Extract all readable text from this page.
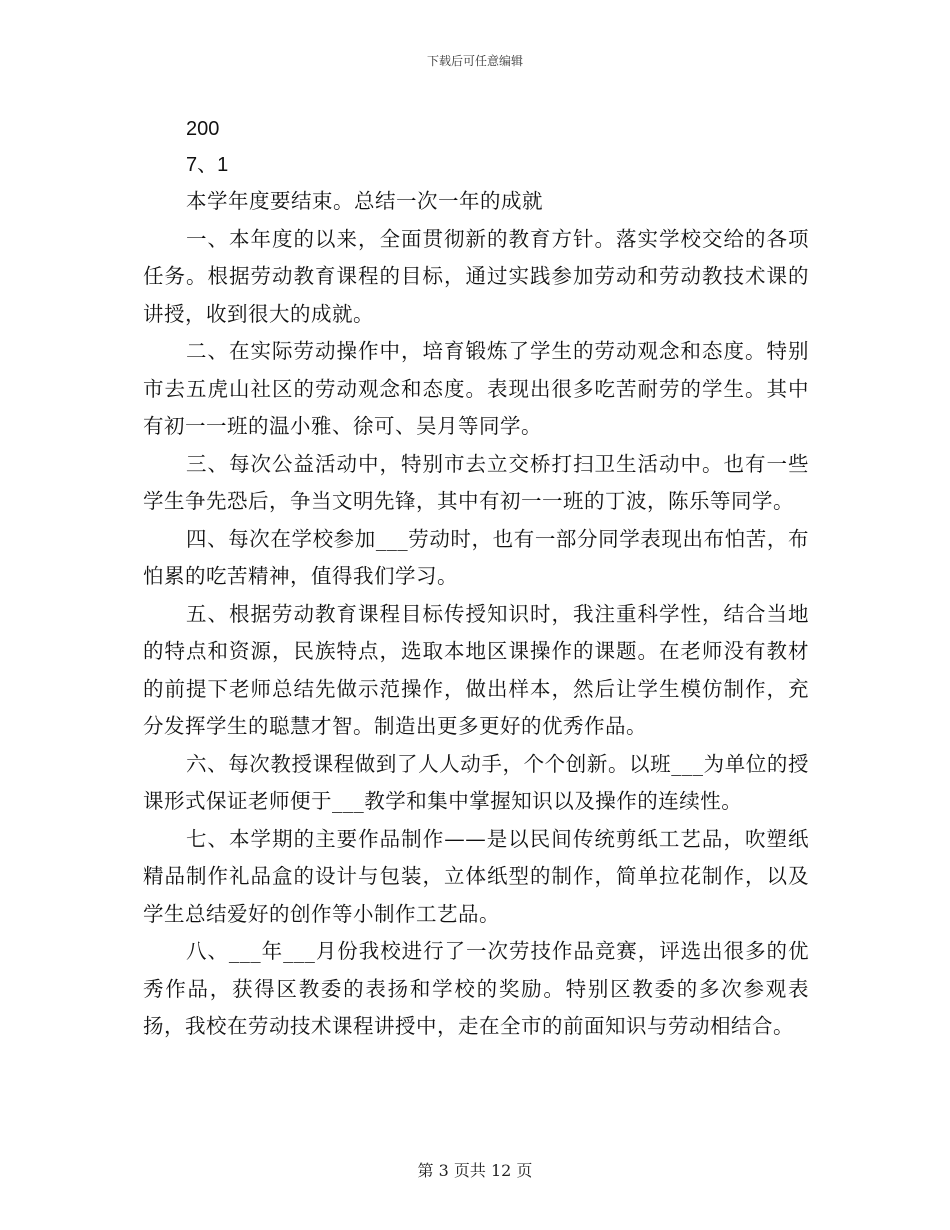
下载后可任意编辑
200
7、1

本学年度要结束。总结一次一年的成就

一、本年度的以来，全面贯彻新的教育方针。落实学校交给的各项任务。根据劳动教育课程的目标，通过实践参加劳动和劳动教技术课的讲授，收到很大的成就。

二、在实际劳动操作中，培育锻炼了学生的劳动观念和态度。特别市去五虎山社区的劳动观念和态度。表现出很多吃苦耐劳的学生。其中有初一一班的温小雅、徐可、吴月等同学。

三、每次公益活动中，特别市去立交桥打扫卫生活动中。也有一些学生争先恐后，争当文明先锋，其中有初一一班的丁波，陈乐等同学。

四、每次在学校参加___劳动时，也有一部分同学表现出布怕苦，布怕累的吃苦精神，值得我们学习。

五、根据劳动教育课程目标传授知识时，我注重科学性，结合当地的特点和资源，民族特点，选取本地区课操作的课题。在老师没有教材的前提下老师总结先做示范操作，做出样本，然后让学生模仿制作，充分发挥学生的聪慧才智。制造出更多更好的优秀作品。

六、每次教授课程做到了人人动手，个个创新。以班___为单位的授课形式保证老师便于___教学和集中掌握知识以及操作的连续性。

七、本学期的主要作品制作——是以民间传统剪纸工艺品，吹塑纸精品制作礼品盒的设计与包装，立体纸型的制作，简单拉花制作，以及学生总结爱好的创作等小制作工艺品。

八、___年___月份我校进行了一次劳技作品竞赛，评选出很多的优秀作品，获得区教委的表扬和学校的奖励。特别区教委的多次参观表扬，我校在劳动技术课程讲授中，走在全市的前面知识与劳动相结合。

第 3 页共 12 页
